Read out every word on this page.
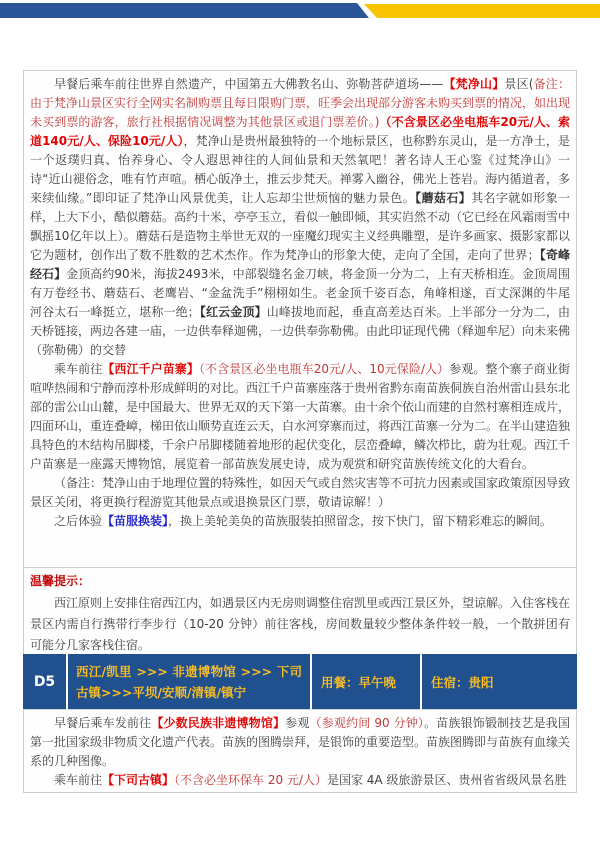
早餐后乘车前往世界自然遗产，中国第五大佛教名山、弥勒菩萨道场——【梵净山】景区(备注：由于梵净山景区实行全网实名制购票且每日限购门票，旺季会出现部分游客未购买到票的情况，如出现未买到票的游客，旅行社根据情况调整为其他景区或退门票差价。)（不含景区必坐电瓶车20元/人、索道140元/人、保险10元/人），梵净山是贵州最独特的一个地标景区，也称黔东灵山，是一方净土，是一个返璞归真、怡养身心、令人遐思神往的人间仙景和天然氧吧！著名诗人王心鉴《过梵净山》一诗“近山褪俗念，唯有竹声喧。栖心皈净土，推云步梵天。禅雾入幽谷，佛光上苍岩。海内循道者，多来续仙缘。”即印证了梵净山风景优美，让人忘却尘世烦恼的魅力景色。【蘑菇石】其名字就如形象一样，上大下小，酷似蘑菇。高约十米，亭亭玉立，看似一触即倾，其实岿然不动（它已经在风霜雨雪中飘摇10亿年以上）。蘑菇石是造物主举世无双的一座魔幻现实主义经典雕塑，是许多画家、摄影家都以它为题材，创作出了数不胜数的艺术杰作。作为梵净山的形象大使，走向了全国，走向了世界；【奇峰经石】金顶高约90米，海拔2493米，中部裂缝名金刀峡，将金顶一分为二，上有天桥相连。金顶周围有万卷经书、蘑菇石、老鹰岩、“金盆洗手”栩栩如生。老金顶千姿百态，角峰相遂，百丈深渊的牛尾河谷太石一峰挺立，堪称一绝；【红云金顶】山峰拔地而起，垂直高差达百米。上半部分一分为二，由天桥链接，两边各建一庙，一边供奉释迦佛，一边供奉弥勒佛。由此印证现代佛（释迦牟尼）向未来佛（弥勒佛）的交替

乘车前往【西江千户苗寨】（不含景区必坐电瓶车20元/人、10元保险/人）参观。整个寨子商业街喧哗热闹和宁静而淳朴形成鲜明的对比。西江千户苗寨座落于贵州省黔东南苗族侗族自治州雷山县东北部的雷公山山麓，是中国最大、世界无双的天下第一大苗寨。由十余个依山而建的自然村寨相连成片，四面环山，重连叠嶂，梯田依山顺势直连云天，白水河穿寨而过，将西江苗寨一分为二。在半山建造独具特色的木结构吊脚楼，千余户吊脚楼随着地形的起伏变化，层峦叠嶂，鳞次栉比，蔚为壮观。西江千户苗寨是一座露天博物馆，展览着一部苗族发展史诗，成为观赏和研究苗族传统文化的大看台。

（备注：梵净山由于地理位置的特殊性，如因天气或自然灾害等不可抗力因素或国家政策原因导致景区关闭，将更换行程游览其他景点或退换景区门票，敬请谅解！）

之后体验【苗服换装】，换上美轮美奂的苗族服装拍照留念，按下快门，留下精彩难忘的瞬间。

温馨提示：

西江原则上安排住宿西江内，如遇景区内无房则调整住宿凯里或西江景区外，望谅解。入住客栈在景区内需自行携带行李步行（10-20 分钟）前往客栈，房间数量较少整体条件较一般，一个散拼团有可能分几家客栈住宿。

D5
西江/凯里 >>> 非遗博物馆 >>> 下司古镇>>>平坝/安顺/清镇/镇宁
用餐：早午晚	住宿：贵阳

早餐后乘车发前往【少数民族非遗博物馆】参观（参观约间 90 分钟）。苗族银饰锻制技艺是我国第一批国家级非物质文化遗产代表。苗族的图腾崇拜，是银饰的重要造型。苗族图腾即与苗族有血缘关系的几种图像。

乘车前往【下司古镇】（不含必坐环保车 20 元/人）是国家 4A 级旅游景区、贵州省省级风景名胜
